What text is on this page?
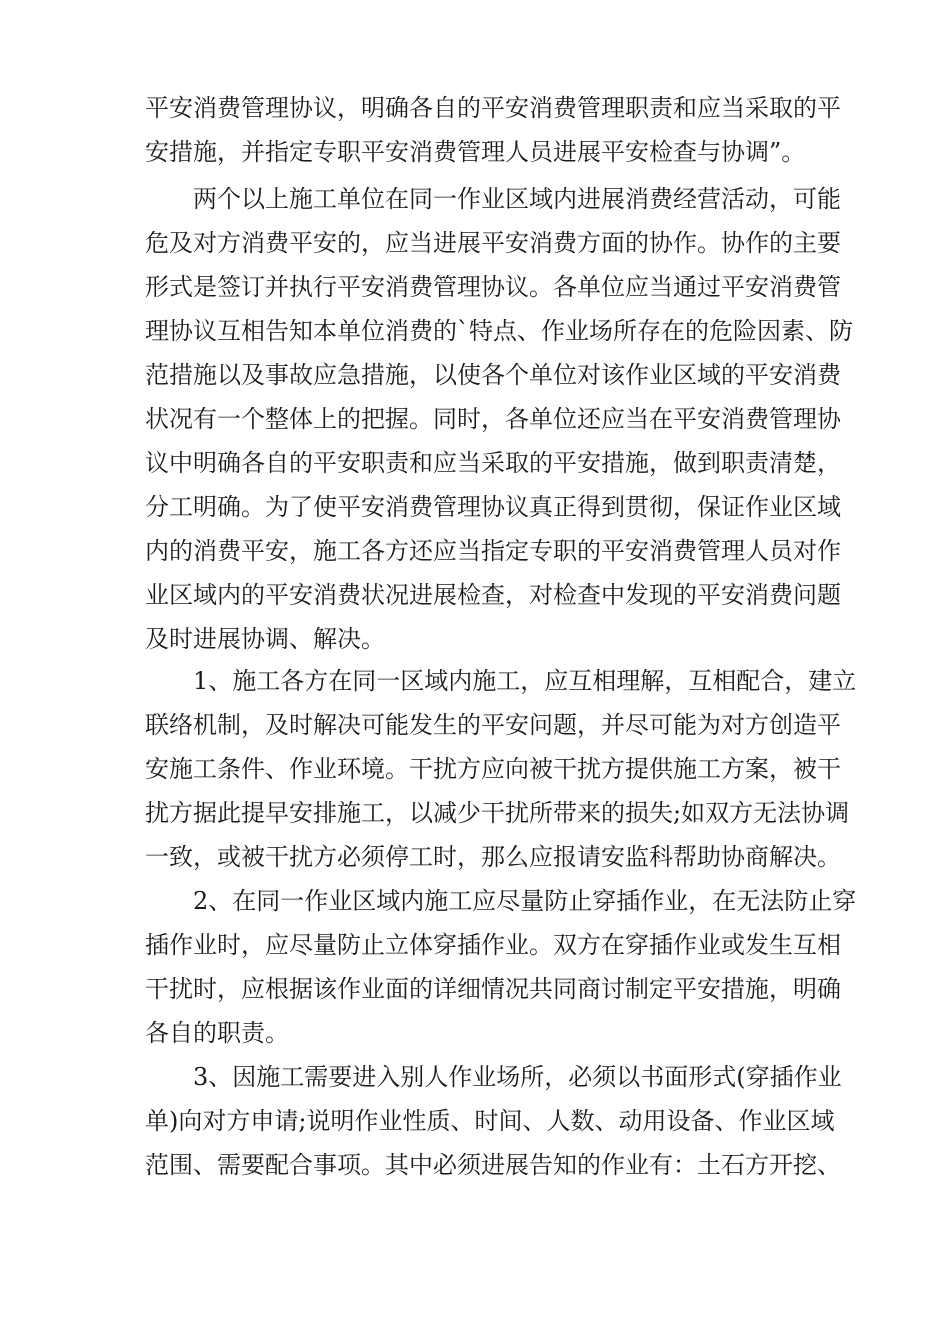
平安消费管理协议，明确各自的平安消费管理职责和应当采取的平
安措施，并指定专职平安消费管理人员进展平安检查与协调”。
两个以上施工单位在同一作业区域内进展消费经营活动，可能
危及对方消费平安的，应当进展平安消费方面的协作。协作的主要
形式是签订并执行平安消费管理协议。各单位应当通过平安消费管
理协议互相告知本单位消费的`特点、作业场所存在的危险因素、防
范措施以及事故应急措施，以使各个单位对该作业区域的平安消费
状况有一个整体上的把握。同时，各单位还应当在平安消费管理协
议中明确各自的平安职责和应当采取的平安措施，做到职责清楚，
分工明确。为了使平安消费管理协议真正得到贯彻，保证作业区域
内的消费平安，施工各方还应当指定专职的平安消费管理人员对作
业区域内的平安消费状况进展检查，对检查中发现的平安消费问题
及时进展协调、解决。
1、施工各方在同一区域内施工，应互相理解，互相配合，建立
联络机制，及时解决可能发生的平安问题，并尽可能为对方创造平
安施工条件、作业环境。干扰方应向被干扰方提供施工方案，被干
扰方据此提早安排施工，以减少干扰所带来的损失;如双方无法协调
一致，或被干扰方必须停工时，那么应报请安监科帮助协商解决。
2、在同一作业区域内施工应尽量防止穿插作业，在无法防止穿
插作业时，应尽量防止立体穿插作业。双方在穿插作业或发生互相
干扰时，应根据该作业面的详细情况共同商讨制定平安措施，明确
各自的职责。
3、因施工需要进入别人作业场所，必须以书面形式(穿插作业
单)向对方申请;说明作业性质、时间、人数、动用设备、作业区域
范围、需要配合事项。其中必须进展告知的作业有：土石方开挖、
